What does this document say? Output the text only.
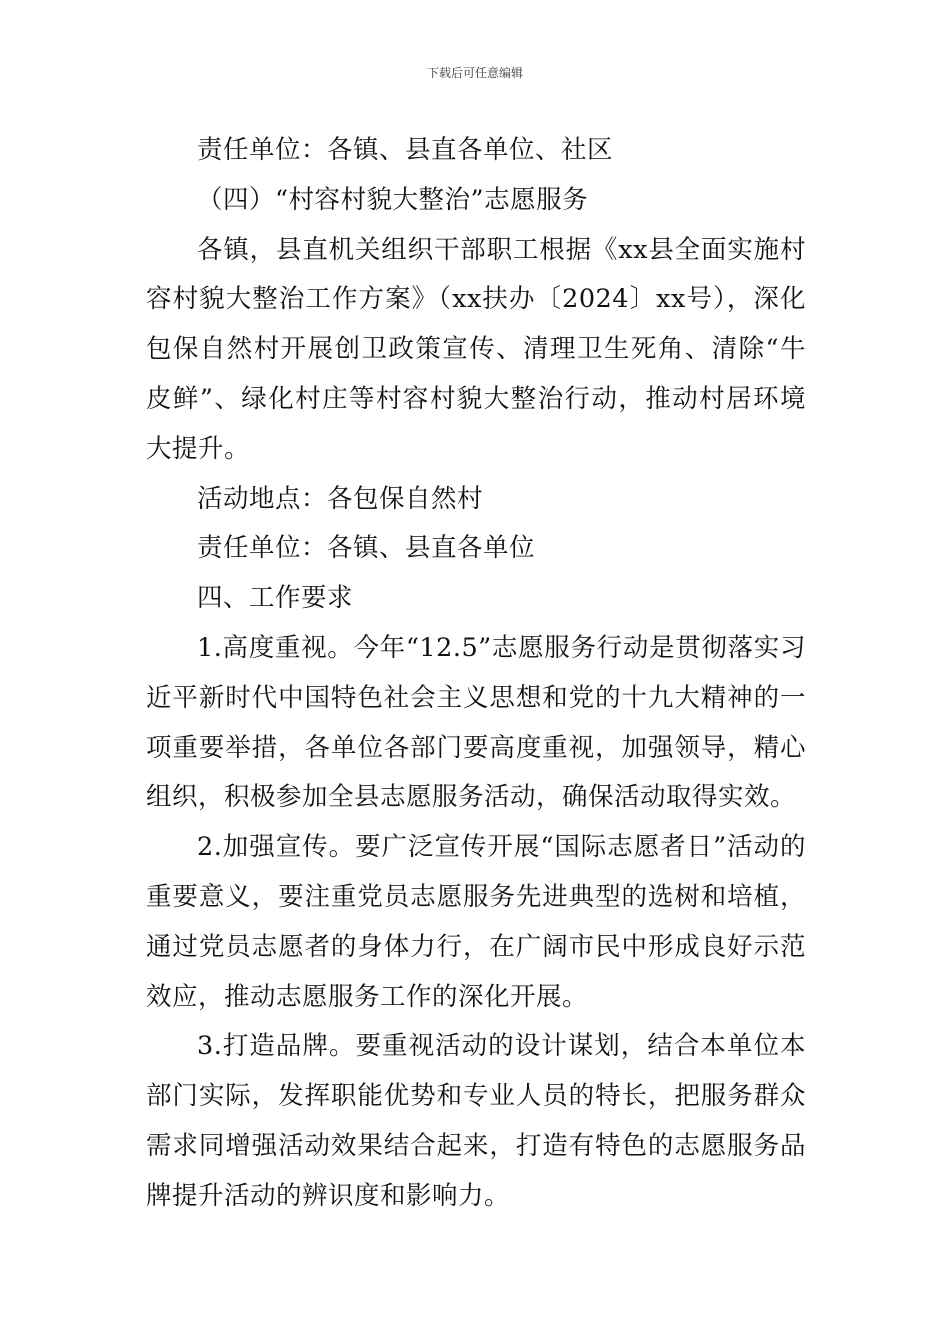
下载后可任意编辑

责任单位：各镇、县直各单位、社区

（四）“村容村貌大整治”志愿服务

各镇，县直机关组织干部职工根据《xx县全面实施村容村貌大整治工作方案》（xx扶办〔2024〕xx号），深化包保自然村开展创卫政策宣传、清理卫生死角、清除“牛皮鲜”、绿化村庄等村容村貌大整治行动，推动村居环境大提升。

活动地点：各包保自然村

责任单位：各镇、县直各单位

四、工作要求

1.高度重视。今年“12.5”志愿服务行动是贯彻落实习近平新时代中国特色社会主义思想和党的十九大精神的一项重要举措，各单位各部门要高度重视，加强领导，精心组织，积极参加全县志愿服务活动，确保活动取得实效。

2.加强宣传。要广泛宣传开展“国际志愿者日”活动的重要意义，要注重党员志愿服务先进典型的选树和培植，通过党员志愿者的身体力行，在广阔市民中形成良好示范效应，推动志愿服务工作的深化开展。

3.打造品牌。要重视活动的设计谋划，结合本单位本部门实际，发挥职能优势和专业人员的特长，把服务群众需求同增强活动效果结合起来，打造有特色的志愿服务品牌提升活动的辨识度和影响力。
